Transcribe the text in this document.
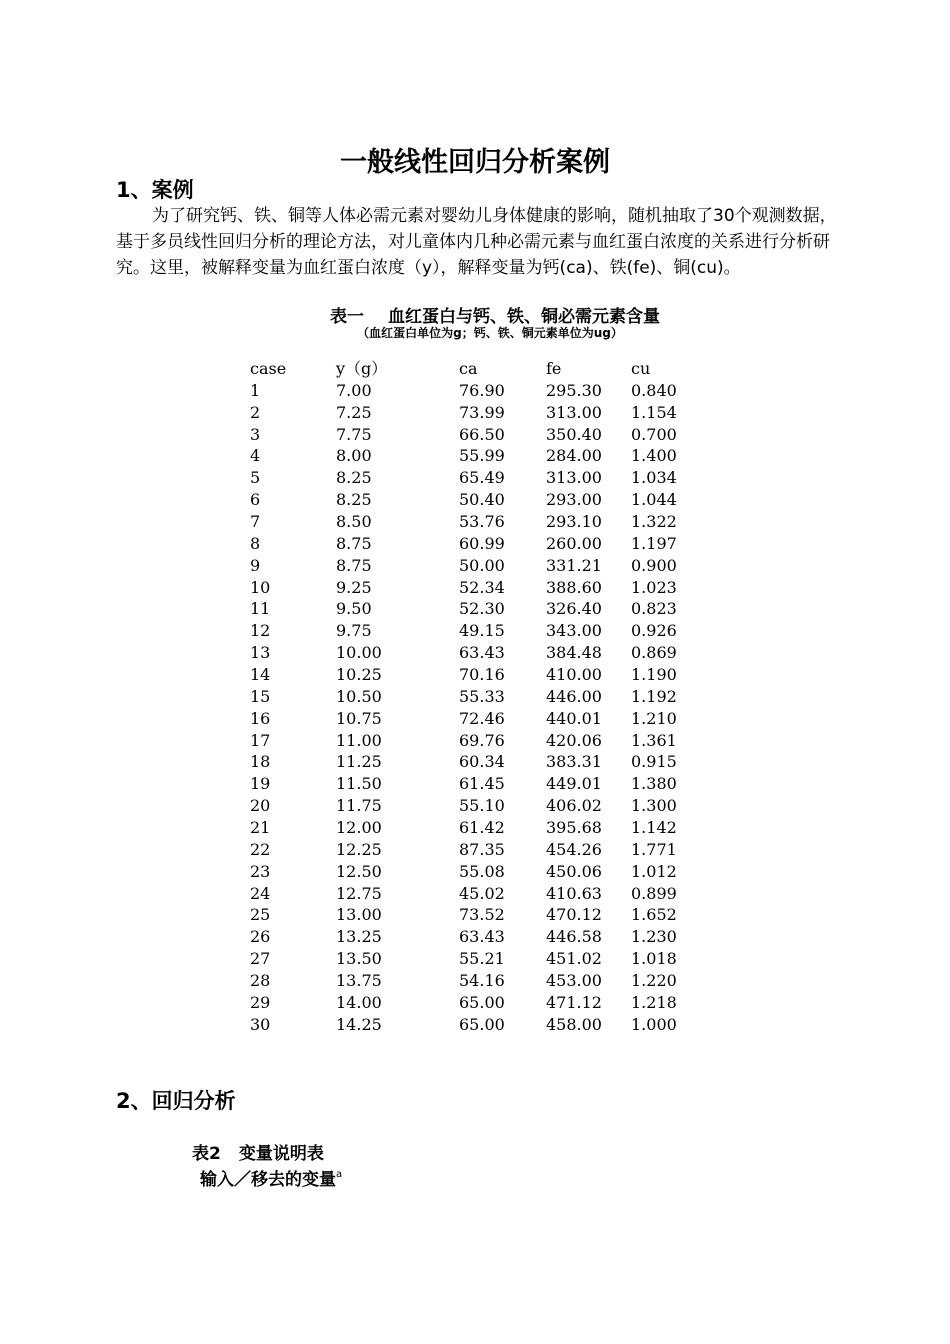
一般线性回归分析案例
1、案例
为了研究钙、铁、铜等人体必需元素对婴幼儿身体健康的影响，随机抽取了30个观测数据，基于多员线性回归分析的理论方法，对儿童体内几种必需元素与血红蛋白浓度的关系进行分析研究。这里，被解释变量为血红蛋白浓度（y），解释变量为钙(ca)、铁(fe)、铜(cu)。
表一 血红蛋白与钙、铁、铜必需元素含量
（血红蛋白单位为g；钙、铁、铜元素单位为ug）
case	y（g）	ca	fe	cu
1	7.00	76.90	295.30 0.840
2	7.25	73.99	313.00 1.154
3	7.75	66.50	350.40 0.700
4	8.00	55.99	284.00 1.400
5	8.25	65.49	313.00 1.034
6	8.25	50.40	293.00 1.044
7	8.50	53.76	293.10 1.322
8	8.75	60.99	260.00 1.197
9	8.75	50.00	331.21 0.900
10	9.25	52.34	388.60 1.023
11	9.50	52.30	326.40 0.823
12	9.75	49.15	343.00 0.926
13	10.00	63.43	384.48 0.869
14	10.25	70.16	410.00 1.190
15	10.50	55.33	446.00 1.192
16	10.75	72.46	440.01 1.210
17	11.00	69.76	420.06 1.361
18	11.25	60.34	383.31 0.915
19	11.50	61.45	449.01 1.380
20	11.75	55.10	406.02 1.300
21	12.00	61.42	395.68 1.142
22	12.25	87.35	454.26 1.771
23	12.50	55.08	450.06 1.012
24	12.75	45.02	410.63 0.899
25	13.00	73.52	470.12 1.652
26	13.25	63.43	446.58 1.230
27	13.50	55.21	451.02 1.018
28	13.75	54.16	453.00 1.220
29	14.00	65.00	471.12 1.218
30	14.25	65.00	458.00 1.000
2、回归分析
表2 变量说明表
输入／移去的变量$^a$
